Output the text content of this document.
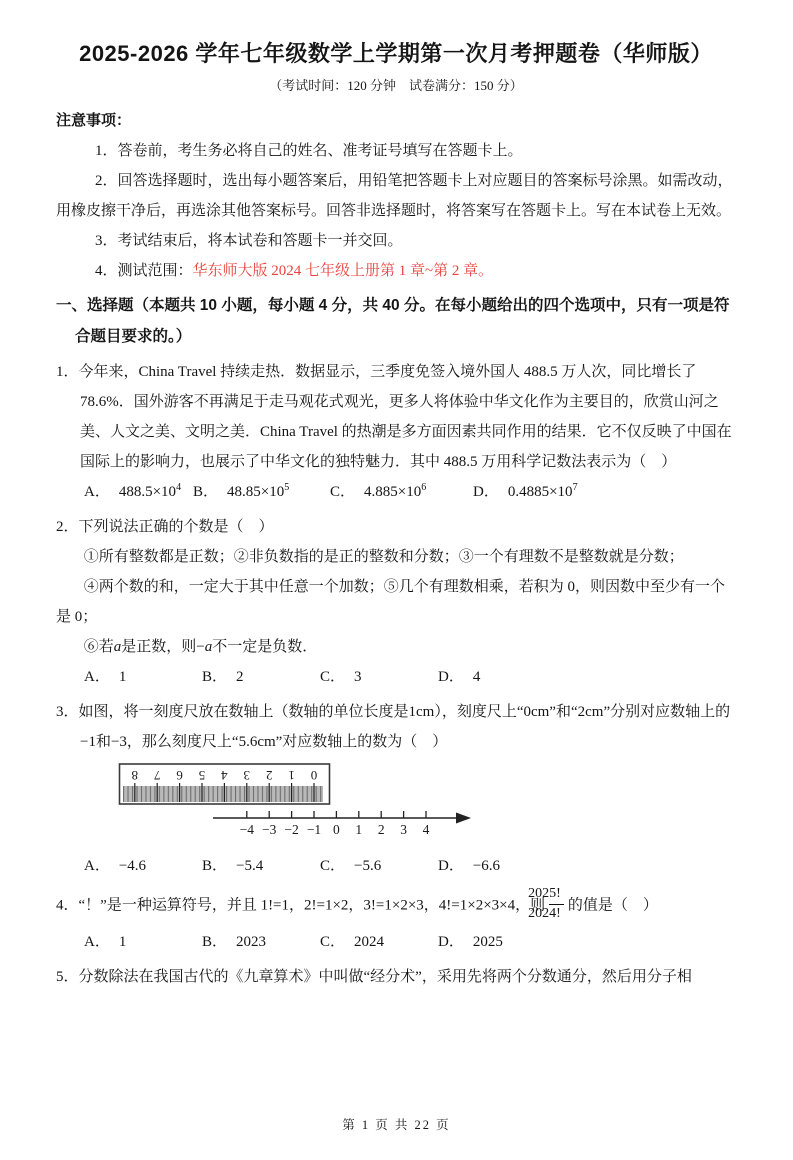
2025-2026 学年七年级数学上学期第一次月考押题卷（华师版）

（考试时间：120 分钟　试卷满分：150 分）

注意事项：

1．答卷前，考生务必将自己的姓名、准考证号填写在答题卡上。

2．回答选择题时，选出每小题答案后，用铅笔把答题卡上对应题目的答案标号涂黑。如需改动，用橡皮擦干净后，再选涂其他答案标号。回答非选择题时，将答案写在答题卡上。写在本试卷上无效。

3．考试结束后，将本试卷和答题卡一并交回。

4．测试范围：华东师大版 2024 七年级上册第 1 章~第 2 章。

一、选择题（本题共 10 小题，每小题 4 分，共 40 分。在每小题给出的四个选项中，只有一项是符合题目要求的。）

1．今年来，China Travel 持续走热．数据显示，三季度免签入境外国人 488.5 万人次，同比增长了 78.6%．国外游客不再满足于走马观花式观光，更多人将体验中华文化作为主要目的，欣赏山河之美、人文之美、文明之美．China Travel 的热潮是多方面因素共同作用的结果．它不仅反映了中国在国际上的影响力，也展示了中华文化的独特魅力．其中 488.5 万用科学记数法表示为（　）

A． $488.5\times 10^4$ B． $48.85\times 10^5$	C． $4.885\times 10^6$	D． $0.4885\times 10^7$

2．下列说法正确的个数是（　）

①所有整数都是正数；②非负数指的是正的整数和分数；③一个有理数不是整数就是分数；

④两个数的和，一定大于其中任意一个加数；⑤几个有理数相乘，若积为 0，则因数中至少有一个是 0；

⑥若a是正数，则−a不一定是负数．

A． 1	B． 2	C． 3	D． 4

3．如图，将一刻度尺放在数轴上（数轴的单位长度是1cm），刻度尺上“0cm”和“2cm”分别对应数轴上的−1和−3，那么刻度尺上“5.6cm”对应数轴上的数为（　）

8 7 6 5 4 3 2 1 0
−4 −3 −2 −1 0 1 2 3 4
A． −4.6	B． −5.4	C． −5.6	D． −6.6

4．“！”是一种运算符号，并且 1!=1，2!=1×2，3!=1×2×3，4!=1×2×3×4，则 $\frac{2025!}{2024!}$ 的值是（　）

A． 1	B． 2023	C． 2024	D． 2025

5．分数除法在我国古代的《九章算术》中叫做“经分术”，采用先将两个分数通分，然后用分子相

第 1 页 共 22 页
